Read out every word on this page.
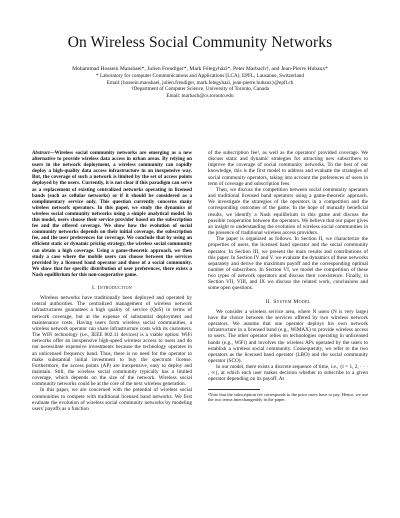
On Wireless Social Community Networks

Mohammad Hossein Manshaei*, Julien Freudiger*, Mark Félegyházi*, Peter Marbach†, and Jean-Pierre Hubaux*

* Laboratory for computer Communications and Applications (LCA), EPFL, Lausanne, Switzerland

Email:{hossein.manshaei, julien.freudiger, mark.felegyhazi, jean-pierre.hubaux}@epfl.ch

†Department of Computer Science, University of Toronto, Canada

Email: marbach@cs.toronto.edu

Abstract—Wireless social community networks are emerging as a new alternative to provide wireless data access in urban areas. By relying on users in the network deployment, a wireless community can rapidly deploy a high-quality data access infrastructure in an inexpensive way. But, the coverage of such a network is limited by the set of access points deployed by the users. Currently, it is not clear if this paradigm can serve as a replacement of existing centralized networks operating in licensed bands (such as cellular networks) or if it should be considered as a complimentary service only. This question currently concerns many wireless network operators. In this paper, we study the dynamics of wireless social community networks using a simple analytical model. In this model, users choose their service provider based on the subscription fee and the offered coverage. We show how the evolution of social community networks depends on their initial coverage, the subscription fee, and the user preferences for coverage. We conclude that by using an efficient static or dynamic pricing strategy, the wireless social community can obtain a high coverage. Using a game-theoretic approach, we then study a case where the mobile users can choose between the services provided by a licensed band operator and those of a social community. We show that for specific distribution of user preferences, there exists a Nash equilibrium for this non-cooperative game.

I. Introduction

Wireless networks have traditionally been deployed and operated by central authorities. The centralized management of wireless network infrastructures guarantees a high quality of service (QoS) in terms of network coverage, but at the expense of substantial deployment and maintenance costs. Having users form wireless social communities, a wireless network operator can share infrastructure costs with its customers. The WiFi technology (i.e., IEEE 802.11 devices) is a viable option: WiFi networks offer an inexpensive high-speed wireless access to users and do not necessitate expensive investments because the technology operates in an unlicensed frequency band. Thus, there is no need for the operator to make substantial initial investment to buy the spectrum license. Furthermore, the access points (AP) are inexpensive, easy to deploy and maintain. Still, the wireless social community typically has a limited coverage, which depends on the size of the network. Wireless social community networks could be at the core of the next wireless generation.

In this paper, we are concerned with the potential of wireless social communities to compete with traditional licensed band networks. We first evaluate the evolution of wireless social community networks by modeling users' payoffs as a function

of the subscription fee¹, as well as the operators' provided coverage. We discuss static and dynamic strategies for attracting new subscribers to improve the coverage of social community networks. To the best of our knowledge, this is the first model to address and evaluate the strategies of social community operators, taking into account the preferences of users in term of coverage and subscription fees.

Then, we discuss the competition between social community operators and traditional licensed band operators using a game-theoretic approach. We investigate the strategies of the operators in a competition and the corresponding outcomes of the game. In the hope of mutually beneficial results, we identify a Nash equilibrium in this game and discuss the possible cooperation between the operators. We believe that our paper gives an insight to understanding the evolution of wireless social communities in the presence of traditional wireless access providers.

The paper is organized as follows. In Section II, we characterize the properties of users, the licensed band operator and the social community operator. In Section III, we present the main results and contributions of this paper. In Section IV and V, we evaluate the dynamics of these networks separately and derive the maximum payoff and the corresponding optimal number of subscribers. In Section VI, we model the competition of these two types of network operators and discuss their coexistence. Finally, in Section VII, VIII, and IX we discuss the related work, conclusions and some open questions.

II. System Model

We consider a wireless service area, where N users (N is very large) have the choice between the services offered by two wireless network operators. We assume that one operator deploys his own network infrastructure in a licensed band (e.g., WiMAX) to provide wireless access to users. The other operator relies on technologies operating in unlicensed bands (e.g., WiFi) and involves the wireless APs operated by the users to establish a wireless social community. Consequently, we refer to the two operators as the licensed band operator (LBO) and the social community operator (SCO).

In our model, there exists a discrete sequence of time, i.e., {t = 1, 2, · · · , ∞}, at which each user makes decision whether to subscribe to a given operator depending on its payoff. At

¹Note that the subscription fee corresponds to the price users have to pay. Hence, we use the two terms interchangeably in the paper.
